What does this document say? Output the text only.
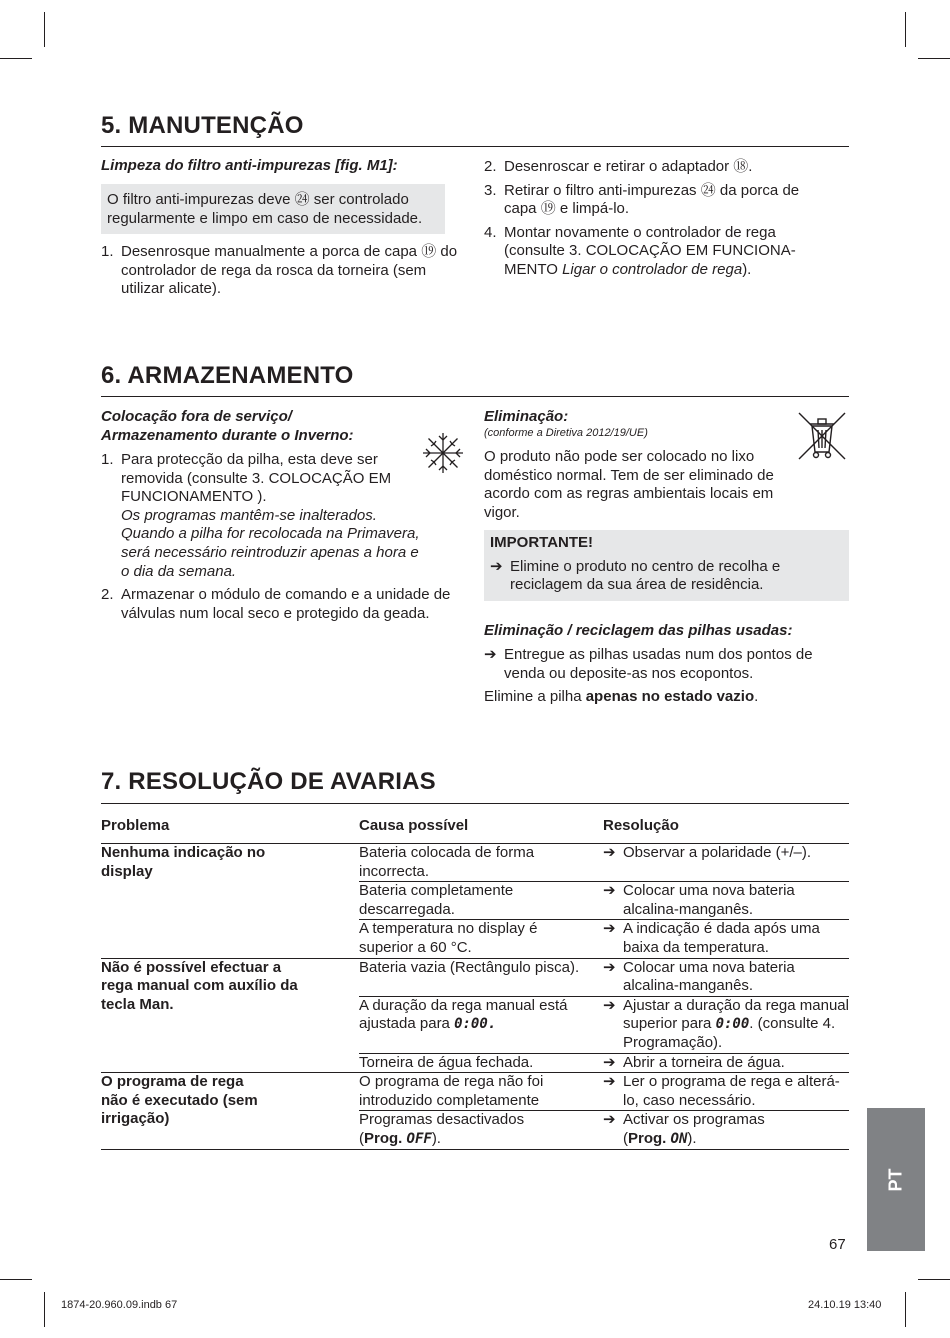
5. MANUTENÇÃO
Limpeza do filtro anti-impurezas [fig. M1]:
O filtro anti-impurezas deve ㉔ ser controlado regularmente e limpo em caso de necessidade.
1. Desenrosque manualmente a porca de capa ⑲ do controlador de rega da rosca da torneira (sem utilizar alicate).
2. Desenroscar e retirar o adaptador ⑱.
3. Retirar o filtro anti-impurezas ㉔ da porca de capa ⑲ e limpá-lo.
4. Montar novamente o controlador de rega (consulte 3. COLOCAÇÃO EM FUNCIONAMENTO Ligar o controlador de rega).
6. ARMAZENAMENTO
Colocação fora de serviço/
Armazenamento durante o Inverno:
1. Para protecção da pilha, esta deve ser removida (consulte 3. COLOCAÇÃO EM FUNCIONAMENTO ).
Os programas mantêm-se inalterados. Quando a pilha for recolocada na Primavera, será necessário reintroduzir apenas a hora e o dia da semana.
2. Armazenar o módulo de comando e a unidade de válvulas num local seco e protegido da geada.
Eliminação:
(conforme a Diretiva 2012/19/UE)
O produto não pode ser colocado no lixo doméstico normal. Tem de ser eliminado de acordo com as regras ambientais locais em vigor.
IMPORTANTE!
➔ Elimine o produto no centro de recolha e reciclagem da sua área de residência.
Eliminação / reciclagem das pilhas usadas:
➔ Entregue as pilhas usadas num dos pontos de venda ou deposite-as nos ecopontos.
Elimine a pilha apenas no estado vazio.
7. RESOLUÇÃO DE AVARIAS
Problema	Causa possível	Resolução

Nenhuma indicação no display	Bateria colocada de forma incorrecta.	➔ Observar a polaridade (+/–).

	Bateria completamente descarregada.	➔ Colocar uma nova bateria alcalina-manganês.

	A temperatura no display é superior a 60 °C.	➔ A indicação é dada após uma baixa da temperatura.

Não é possível efectuar a rega manual com auxílio da tecla Man.	Bateria vazia (Rectângulo pisca).	➔ Colocar uma nova bateria alcalina-manganês.

	A duração da rega manual está ajustada para 0:00.	➔ Ajustar a duração da rega manual superior para 0:00. (consulte 4. Programação).

	Torneira de água fechada.	➔ Abrir a torneira de água.

O programa de rega não é executado (sem irrigação)	O programa de rega não foi introduzido completamente	➔ Ler o programa de rega e alterá-lo, caso necessário.

	Programas desactivados (Prog. OFF).	➔ Activar os programas (Prog. ON).
PT
67
1874-20.960.09.indb 67	24.10.19 13:40
